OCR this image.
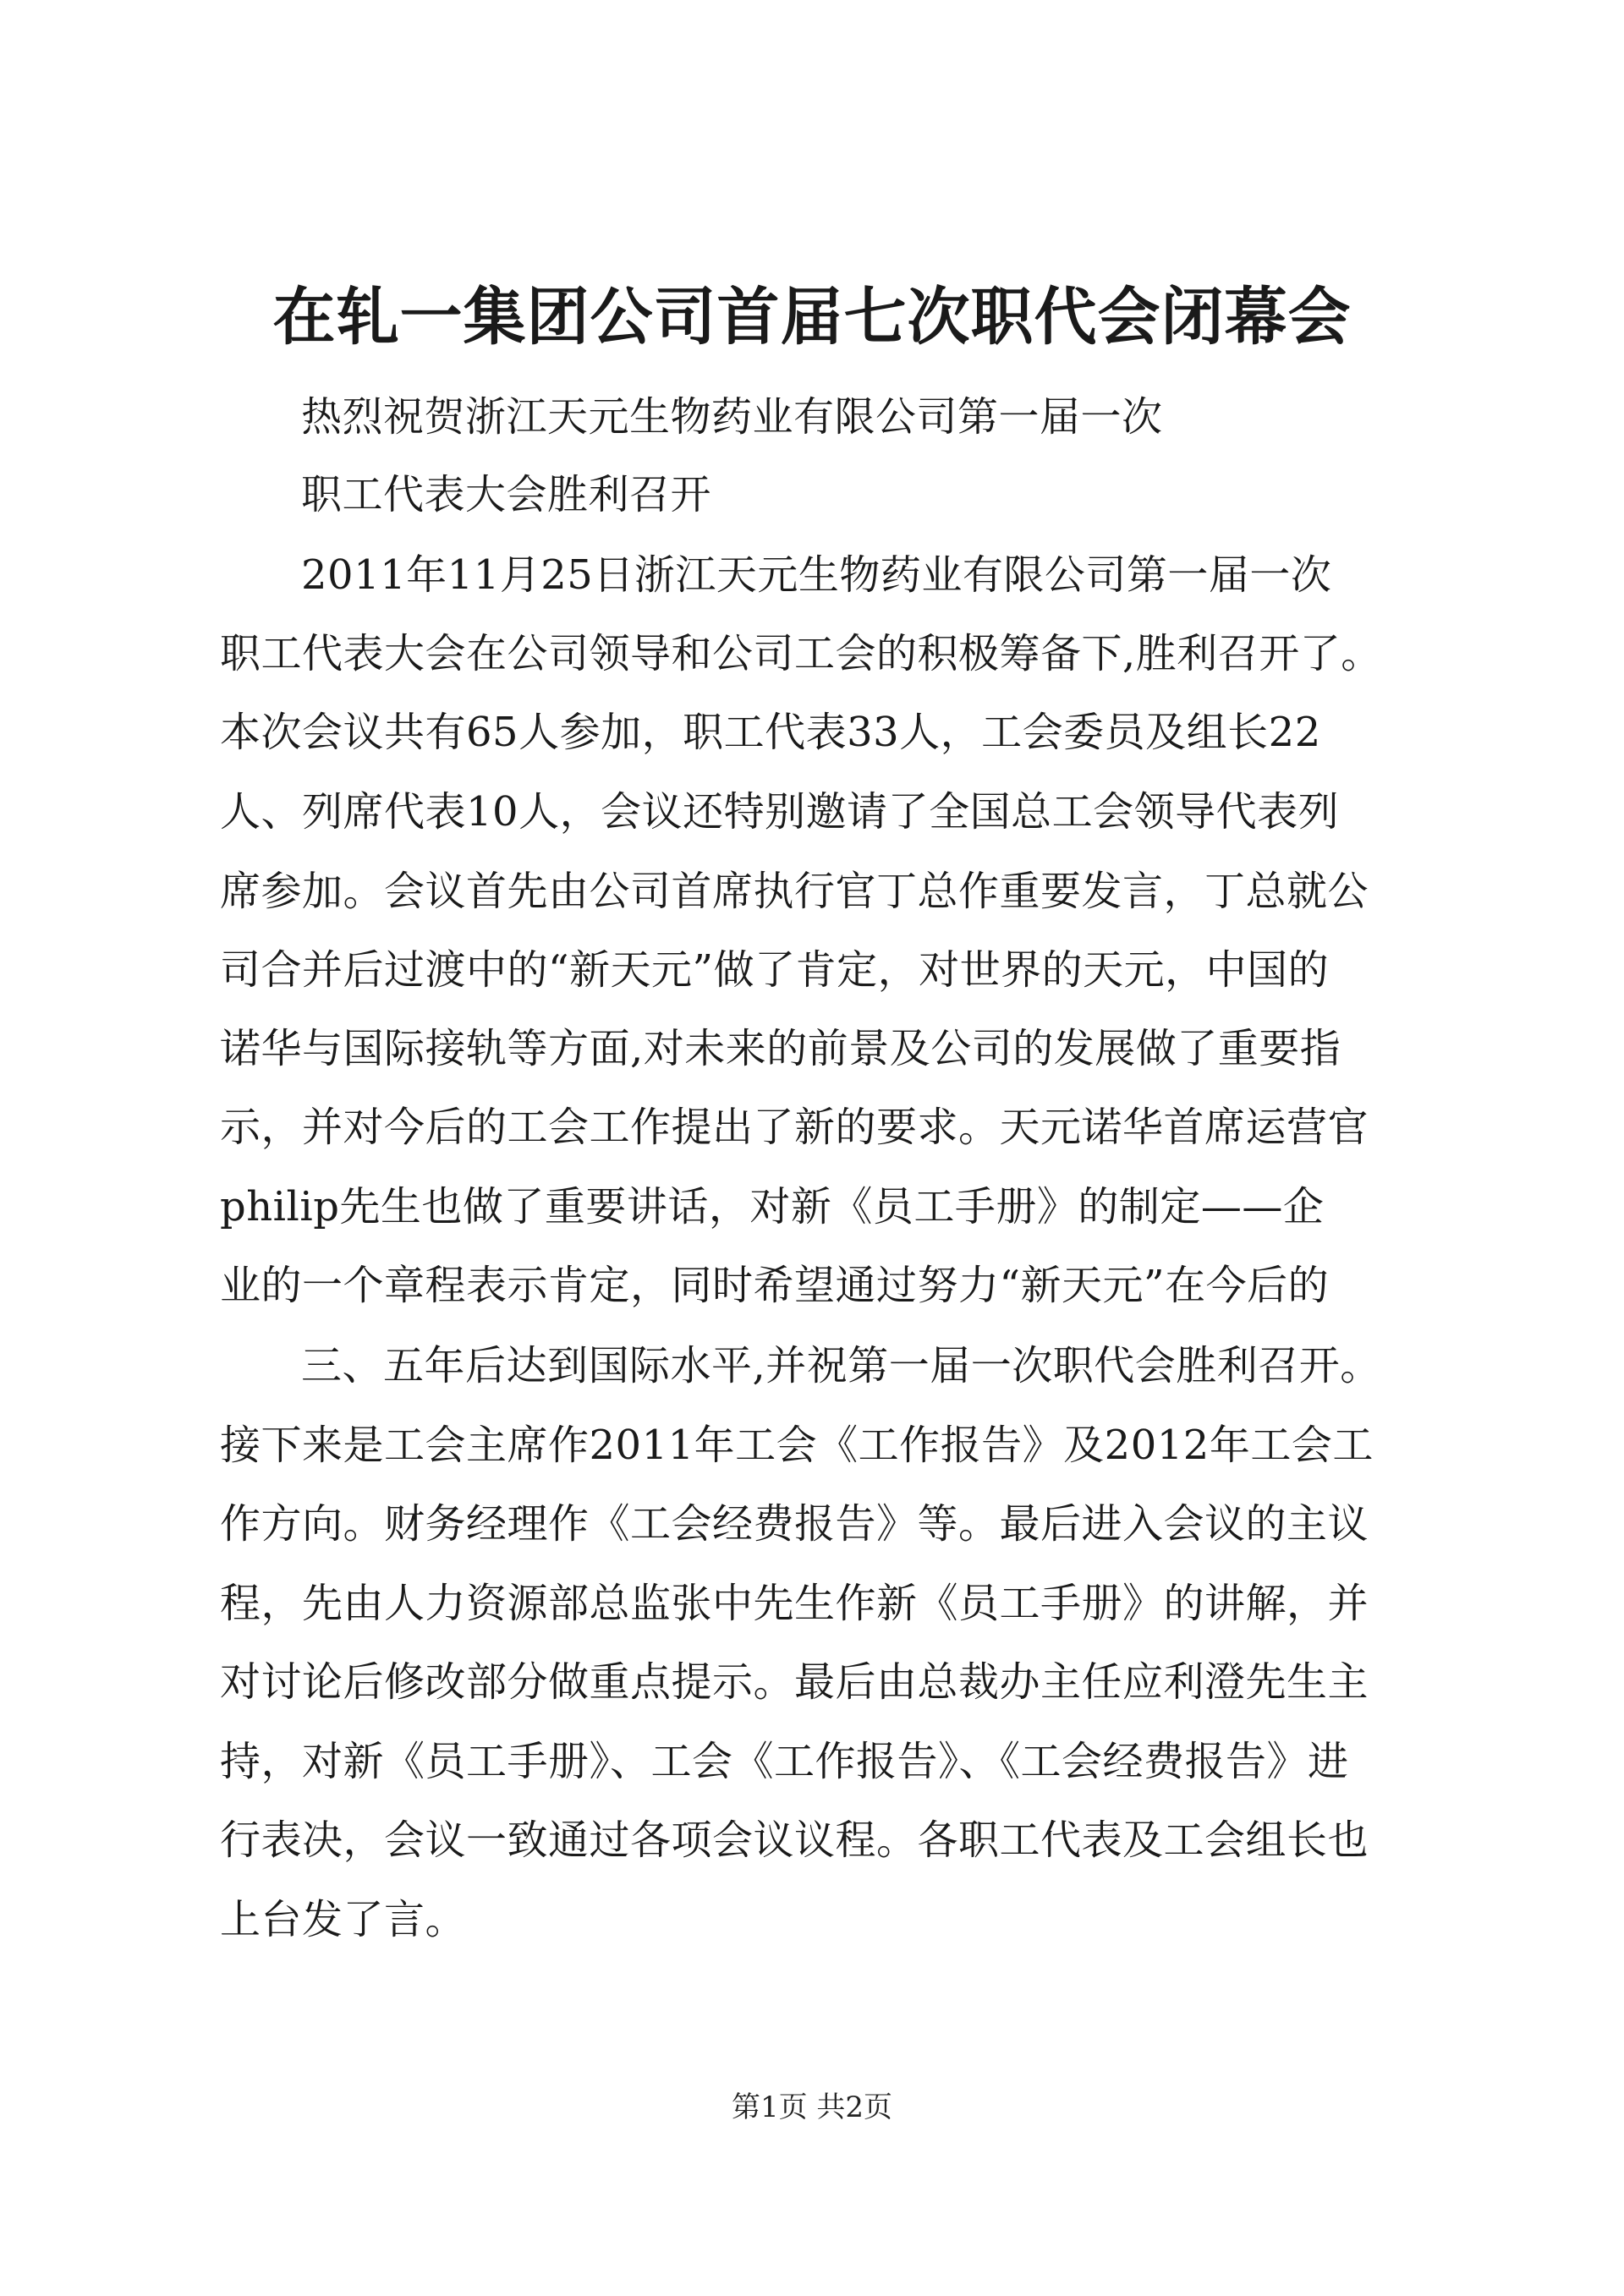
在轧一集团公司首届七次职代会闭幕会
热烈祝贺浙江天元生物药业有限公司第一届一次
职工代表大会胜利召开
2011年11月25日浙江天元生物药业有限公司第一届一次
职工代表大会在公司领导和公司工会的积极筹备下,胜利召开了。
本次会议共有65人参加，职工代表33人，工会委员及组长22
人、列席代表10人，会议还特别邀请了全国总工会领导代表列
席参加。会议首先由公司首席执行官丁总作重要发言，丁总就公
司合并后过渡中的“新天元”做了肯定，对世界的天元，中国的
诺华与国际接轨等方面,对未来的前景及公司的发展做了重要指
示，并对今后的工会工作提出了新的要求。天元诺华首席运营官
philip先生也做了重要讲话，对新《员工手册》的制定——企
业的一个章程表示肯定，同时希望通过努力“新天元”在今后的
三、五年后达到国际水平,并祝第一届一次职代会胜利召开。
接下来是工会主席作2011年工会《工作报告》及2012年工会工
作方向。财务经理作《工会经费报告》等。最后进入会议的主议
程，先由人力资源部总监张中先生作新《员工手册》的讲解，并
对讨论后修改部分做重点提示。最后由总裁办主任应利澄先生主
持，对新《员工手册》、工会《工作报告》、《工会经费报告》进
行表决，会议一致通过各项会议议程。各职工代表及工会组长也
上台发了言。
第1页 共2页
